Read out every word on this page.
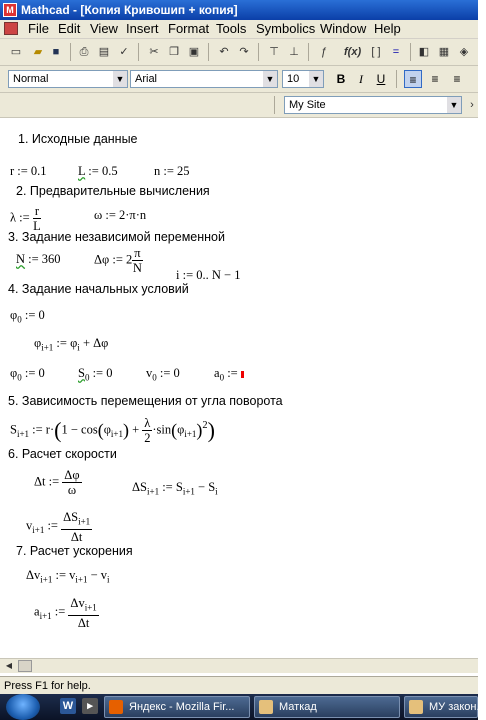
M Mathcad - [Копия Кривошип + копия]
File Edit View Insert Format Tools Symbolics Window Help
▭	▰ ■	⎙ ▤ ✓	✂ ❐ ▣	↶ ↷	⊤ ⊥	ƒ	f(x) [ ]	=	◧ ▦ ◈
Normal	▼ Arial	▼	10 ▼	B	I	U	≡	≡	≡
My Site	▼	›
1. Исходные данные
r := 0.1	L := 0.5	n := 25
2. Предварительные вычисления
λ := $\frac{r}{L}$	ω := 2·π·n
3. Задание независимой переменной
N := 360	Δφ := $2 \frac{\pi}{N}$	i := 0.. N − 1
4. Задание начальных условий
$\varphi_0$ := 0
$\varphi_{i+1}$ := $\varphi_i + \Delta\varphi$
$\varphi_0$ := 0	$S_0$ := 0	$v_0$ := 0	$a_0$ :=
5. Зависимость перемещения от угла поворота
$S_{i+1}$ := $r\cdot(1 - \cos(\varphi_{i+1}) + \frac{\lambda}{2} \cdot\sin(\varphi_{i+1})^2)$
6. Расчет скорости
Δt := $\frac{\Delta\varphi}{\omega}$	$\Delta S_{i+1}$ := $S_{i+1} - S_i$
$v_{i+1}$ := $\frac{\Delta S_{i+1}}{\Delta t}$
7. Расчет ускорения
$\Delta v_{i+1}$ := $v_{i+1} - v_i$
$a_{i+1}$ := $\frac{\Delta v_{i+1}}{\Delta t}$
◀
Press F1 for help.
W	▸	Яндекс - Mozilla Fir...	Маткад	МУ закон...
